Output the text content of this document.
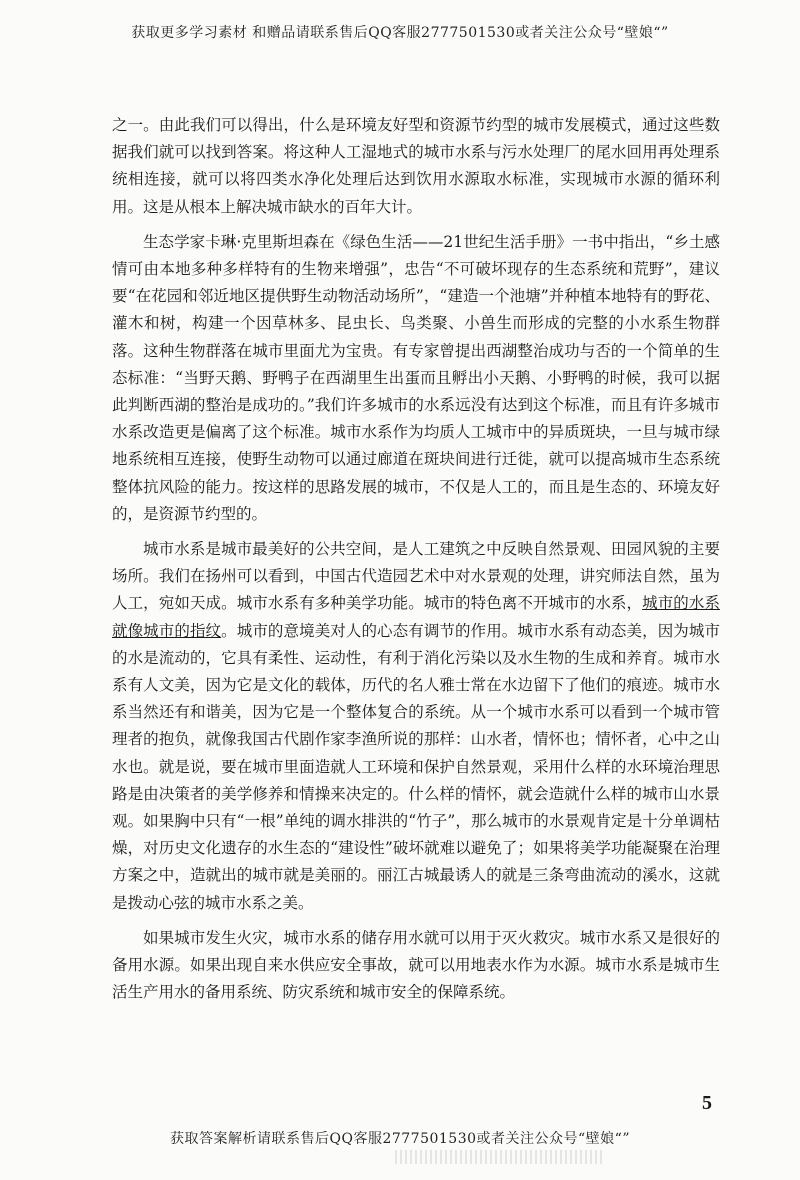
获取更多学习素材 和赠品请联系售后QQ客服2777501530或者关注公众号“壁娘“”

之一。由此我们可以得出，什么是环境友好型和资源节约型的城市发展模式，通过这些数据我们就可以找到答案。将这种人工湿地式的城市水系与污水处理厂的尾水回用再处理系统相连接，就可以将四类水净化处理后达到饮用水源取水标准，实现城市水源的循环利用。这是从根本上解决城市缺水的百年大计。

生态学家卡琳·克里斯坦森在《绿色生活——21世纪生活手册》一书中指出，“乡土感情可由本地多种多样特有的生物来增强”，忠告“不可破坏现存的生态系统和荒野”，建议要“在花园和邻近地区提供野生动物活动场所”，“建造一个池塘”并种植本地特有的野花、灌木和树，构建一个因草林多、昆虫长、鸟类聚、小兽生而形成的完整的小水系生物群落。这种生物群落在城市里面尤为宝贵。有专家曾提出西湖整治成功与否的一个简单的生态标准：“当野天鹅、野鸭子在西湖里生出蛋而且孵出小天鹅、小野鸭的时候，我可以据此判断西湖的整治是成功的。”我们许多城市的水系远没有达到这个标准，而且有许多城市水系改造更是偏离了这个标准。城市水系作为均质人工城市中的异质斑块，一旦与城市绿地系统相互连接，使野生动物可以通过廊道在斑块间进行迁徙，就可以提高城市生态系统整体抗风险的能力。按这样的思路发展的城市，不仅是人工的，而且是生态的、环境友好的，是资源节约型的。

城市水系是城市最美好的公共空间，是人工建筑之中反映自然景观、田园风貌的主要场所。我们在扬州可以看到，中国古代造园艺术中对水景观的处理，讲究师法自然，虽为人工，宛如天成。城市水系有多种美学功能。城市的特色离不开城市的水系，城市的水系就像城市的指纹。城市的意境美对人的心态有调节的作用。城市水系有动态美，因为城市的水是流动的，它具有柔性、运动性，有利于消化污染以及水生物的生成和养育。城市水系有人文美，因为它是文化的载体，历代的名人雅士常在水边留下了他们的痕迹。城市水系当然还有和谐美，因为它是一个整体复合的系统。从一个城市水系可以看到一个城市管理者的抱负，就像我国古代剧作家李渔所说的那样：山水者，情怀也；情怀者，心中之山水也。就是说，要在城市里面造就人工环境和保护自然景观，采用什么样的水环境治理思路是由决策者的美学修养和情操来决定的。什么样的情怀，就会造就什么样的城市山水景观。如果胸中只有“一根”单纯的调水排洪的“竹子”，那么城市的水景观肯定是十分单调枯燥，对历史文化遗存的水生态的“建设性”破坏就难以避免了；如果将美学功能凝聚在治理方案之中，造就出的城市就是美丽的。丽江古城最诱人的就是三条弯曲流动的溪水，这就是拨动心弦的城市水系之美。

如果城市发生火灾，城市水系的储存用水就可以用于灭火救灾。城市水系又是很好的备用水源。如果出现自来水供应安全事故，就可以用地表水作为水源。城市水系是城市生活生产用水的备用系统、防灾系统和城市安全的保障系统。

5
获取答案解析请联系售后QQ客服2777501530或者关注公众号“壁娘“”
